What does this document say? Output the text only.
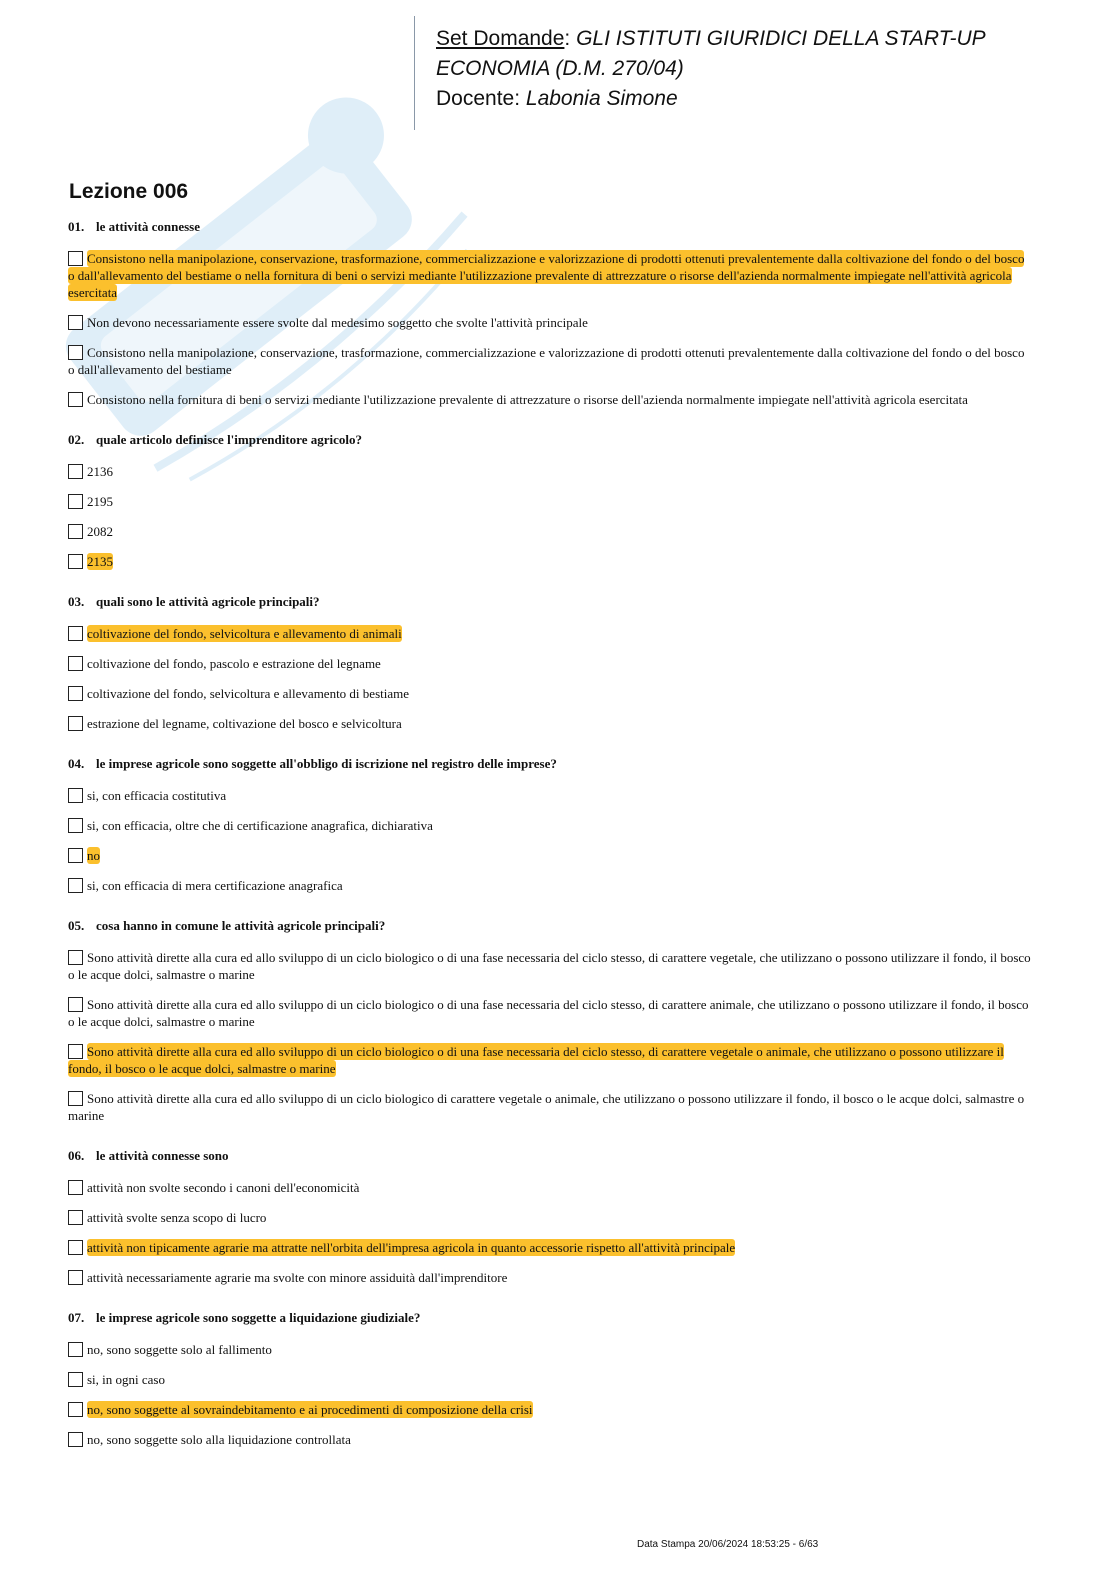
Set Domande: GLI ISTITUTI GIURIDICI DELLA START-UP
ECONOMIA (D.M. 270/04)
Docente: Labonia Simone
Lezione 006
01. le attività connesse
Consistono nella manipolazione, conservazione, trasformazione, commercializzazione e valorizzazione di prodotti ottenuti prevalentemente dalla coltivazione del fondo o del bosco o dall'allevamento del bestiame o nella fornitura di beni o servizi mediante l'utilizzazione prevalente di attrezzature o risorse dell'azienda normalmente impiegate nell'attività agricola esercitata
Non devono necessariamente essere svolte dal medesimo soggetto che svolte l'attività principale
Consistono nella manipolazione, conservazione, trasformazione, commercializzazione e valorizzazione di prodotti ottenuti prevalentemente dalla coltivazione del fondo o del bosco o dall'allevamento del bestiame
Consistono nella fornitura di beni o servizi mediante l'utilizzazione prevalente di attrezzature o risorse dell'azienda normalmente impiegate nell'attività agricola esercitata
02. quale articolo definisce l'imprenditore agricolo?
2136
2195
2082
2135
03. quali sono le attività agricole principali?
coltivazione del fondo, selvicoltura e allevamento di animali
coltivazione del fondo, pascolo e estrazione del legname
coltivazione del fondo, selvicoltura e allevamento di bestiame
estrazione del legname, coltivazione del bosco e selvicoltura
04. le imprese agricole sono soggette all'obbligo di iscrizione nel registro delle imprese?
si, con efficacia costitutiva
si, con efficacia, oltre che di certificazione anagrafica, dichiarativa
no
si, con efficacia di mera certificazione anagrafica
05. cosa hanno in comune le attività agricole principali?
Sono attività dirette alla cura ed allo sviluppo di un ciclo biologico o di una fase necessaria del ciclo stesso, di carattere vegetale, che utilizzano o possono utilizzare il fondo, il bosco o le acque dolci, salmastre o marine
Sono attività dirette alla cura ed allo sviluppo di un ciclo biologico o di una fase necessaria del ciclo stesso, di carattere animale, che utilizzano o possono utilizzare il fondo, il bosco o le acque dolci, salmastre o marine
Sono attività dirette alla cura ed allo sviluppo di un ciclo biologico o di una fase necessaria del ciclo stesso, di carattere vegetale o animale, che utilizzano o possono utilizzare il fondo, il bosco o le acque dolci, salmastre o marine
Sono attività dirette alla cura ed allo sviluppo di un ciclo biologico di carattere vegetale o animale, che utilizzano o possono utilizzare il fondo, il bosco o le acque dolci, salmastre o marine
06. le attività connesse sono
attività non svolte secondo i canoni dell'economicità
attività svolte senza scopo di lucro
attività non tipicamente agrarie ma attratte nell'orbita dell'impresa agricola in quanto accessorie rispetto all'attività principale
attività necessariamente agrarie ma svolte con minore assiduità dall'imprenditore
07. le imprese agricole sono soggette a liquidazione giudiziale?
no, sono soggette solo al fallimento
si, in ogni caso
no, sono soggette al sovraindebitamento e ai procedimenti di composizione della crisi
no, sono soggette solo alla liquidazione controllata
Data Stampa 20/06/2024 18:53:25 - 6/63
